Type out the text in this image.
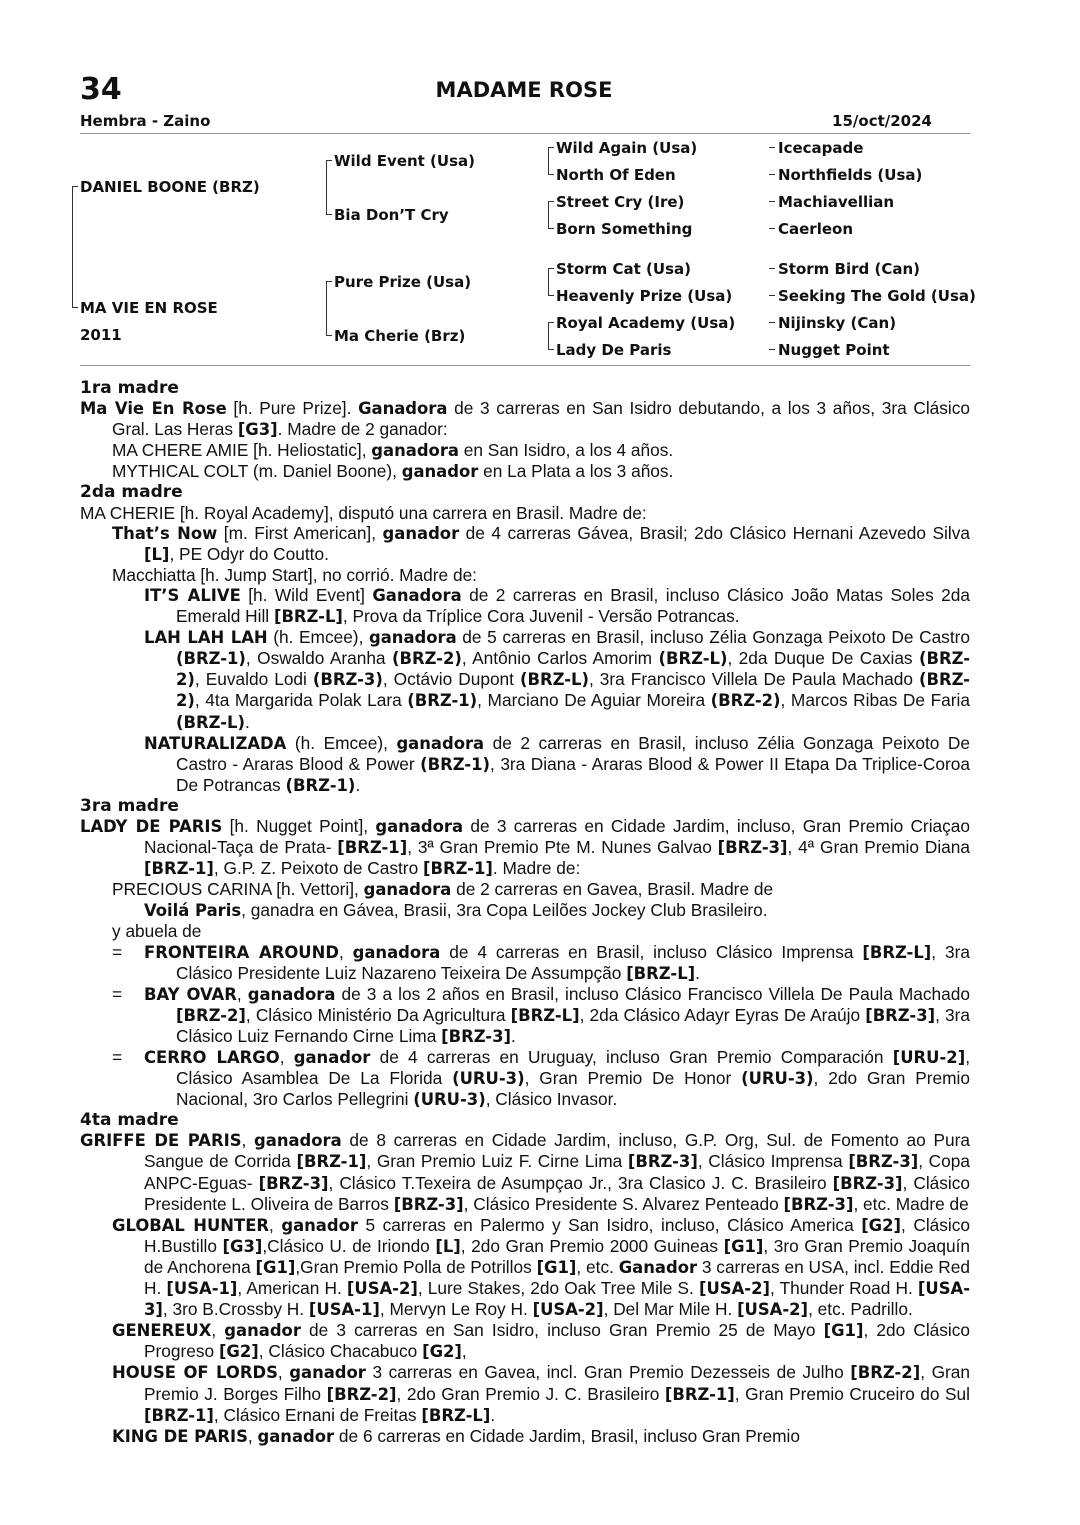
34	MADAME ROSE
Hembra - Zaino	15/oct/2024
DANIEL BOONE (BRZ)
MA VIE EN ROSE
2011
Wild Event (Usa)
Bia Don’T Cry
Pure Prize (Usa)
Ma Cherie (Brz)
Wild Again (Usa)
North Of Eden
Street Cry (Ire)
Born Something
Storm Cat (Usa)
Heavenly Prize (Usa)
Royal Academy (Usa)
Lady De Paris
Icecapade
Northfields (Usa)
Machiavellian
Caerleon
Storm Bird (Can)
Seeking The Gold (Usa)
Nijinsky (Can)
Nugget Point

1ra madre

Ma Vie En Rose [h. Pure Prize]. Ganadora de 3 carreras en San Isidro debutando, a los 3 años, 3ra Clásico Gral. Las Heras [G3]. Madre de 2 ganador:

MA CHERE AMIE [h. Heliostatic], ganadora en San Isidro, a los 4 años.

MYTHICAL COLT (m. Daniel Boone), ganador en La Plata a los 3 años.

2da madre

MA CHERIE [h. Royal Academy], disputó una carrera en Brasil. Madre de:

That’s Now [m. First American], ganador de 4 carreras Gávea, Brasil; 2do Clásico Hernani Azevedo Silva [L], PE Odyr do Coutto.

Macchiatta [h. Jump Start], no corrió. Madre de:

IT’S ALIVE [h. Wild Event] Ganadora de 2 carreras en Brasil, incluso Clásico João Matas Soles 2da Emerald Hill [BRZ-L], Prova da Tríplice Cora Juvenil - Versão Potrancas.

LAH LAH LAH (h. Emcee), ganadora de 5 carreras en Brasil, incluso Zélia Gonzaga Peixoto De Castro (BRZ-1), Oswaldo Aranha (BRZ-2), Antônio Carlos Amorim (BRZ-L), 2da Duque De Caxias (BRZ-2), Euvaldo Lodi (BRZ-3), Octávio Dupont (BRZ-L), 3ra Francisco Villela De Paula Machado (BRZ-2), 4ta Margarida Polak Lara (BRZ-1), Marciano De Aguiar Moreira (BRZ-2), Marcos Ribas De Faria (BRZ-L).

NATURALIZADA (h. Emcee), ganadora de 2 carreras en Brasil, incluso Zélia Gonzaga Peixoto De Castro - Araras Blood & Power (BRZ-1), 3ra Diana - Araras Blood & Power II Etapa Da Triplice-Coroa De Potrancas (BRZ-1).

3ra madre

LADY DE PARIS [h. Nugget Point], ganadora de 3 carreras en Cidade Jardim, incluso, Gran Premio Criaçao Nacional-Taça de Prata- [BRZ-1], 3ª Gran Premio Pte M. Nunes Galvao [BRZ-3], 4ª Gran Premio Diana [BRZ-1], G.P. Z. Peixoto de Castro [BRZ-1]. Madre de:

PRECIOUS CARINA [h. Vettori], ganadora de 2 carreras en Gavea, Brasil. Madre de

Voilá Paris, ganadra en Gávea, Brasii, 3ra Copa Leilões Jockey Club Brasileiro.

y abuela de

= FRONTEIRA AROUND, ganadora de 4 carreras en Brasil, incluso Clásico Imprensa [BRZ-L], 3ra Clásico Presidente Luiz Nazareno Teixeira De Assumpção [BRZ-L].

= BAY OVAR, ganadora de 3 a los 2 años en Brasil, incluso Clásico Francisco Villela De Paula Machado [BRZ-2], Clásico Ministério Da Agricultura [BRZ-L], 2da Clásico Adayr Eyras De Araújo [BRZ-3], 3ra Clásico Luiz Fernando Cirne Lima [BRZ-3].

= CERRO LARGO, ganador de 4 carreras en Uruguay, incluso Gran Premio Comparación [URU-2], Clásico Asamblea De La Florida (URU-3), Gran Premio De Honor (URU-3), 2do Gran Premio Nacional, 3ro Carlos Pellegrini (URU-3), Clásico Invasor.

4ta madre

GRIFFE DE PARIS, ganadora de 8 carreras en Cidade Jardim, incluso, G.P. Org, Sul. de Fomento ao Pura Sangue de Corrida [BRZ-1], Gran Premio Luiz F. Cirne Lima [BRZ-3], Clásico Imprensa [BRZ-3], Copa ANPC-Eguas- [BRZ-3], Clásico T.Texeira de Asumpçao Jr., 3ra Clasico J. C. Brasileiro [BRZ-3], Clásico Presidente L. Oliveira de Barros [BRZ-3], Clásico Presidente S. Alvarez Penteado [BRZ-3], etc. Madre de

GLOBAL HUNTER, ganador 5 carreras en Palermo y San Isidro, incluso, Clásico America [G2], Clásico H.Bustillo [G3],Clásico U. de Iriondo [L], 2do Gran Premio 2000 Guineas [G1], 3ro Gran Premio Joaquín de Anchorena [G1],Gran Premio Polla de Potrillos [G1], etc. Ganador 3 carreras en USA, incl. Eddie Red H. [USA-1], American H. [USA-2], Lure Stakes, 2do Oak Tree Mile S. [USA-2], Thunder Road H. [USA-3], 3ro B.Crossby H. [USA-1], Mervyn Le Roy H. [USA-2], Del Mar Mile H. [USA-2], etc. Padrillo.

GENEREUX, ganador de 3 carreras en San Isidro, incluso Gran Premio 25 de Mayo [G1], 2do Clásico Progreso [G2], Clásico Chacabuco [G2],

HOUSE OF LORDS, ganador 3 carreras en Gavea, incl. Gran Premio Dezesseis de Julho [BRZ-2], Gran Premio J. Borges Filho [BRZ-2], 2do Gran Premio J. C. Brasileiro [BRZ-1], Gran Premio Cruceiro do Sul [BRZ-1], Clásico Ernani de Freitas [BRZ-L].

KING DE PARIS, ganador de 6 carreras en Cidade Jardim, Brasil, incluso Gran Premio
